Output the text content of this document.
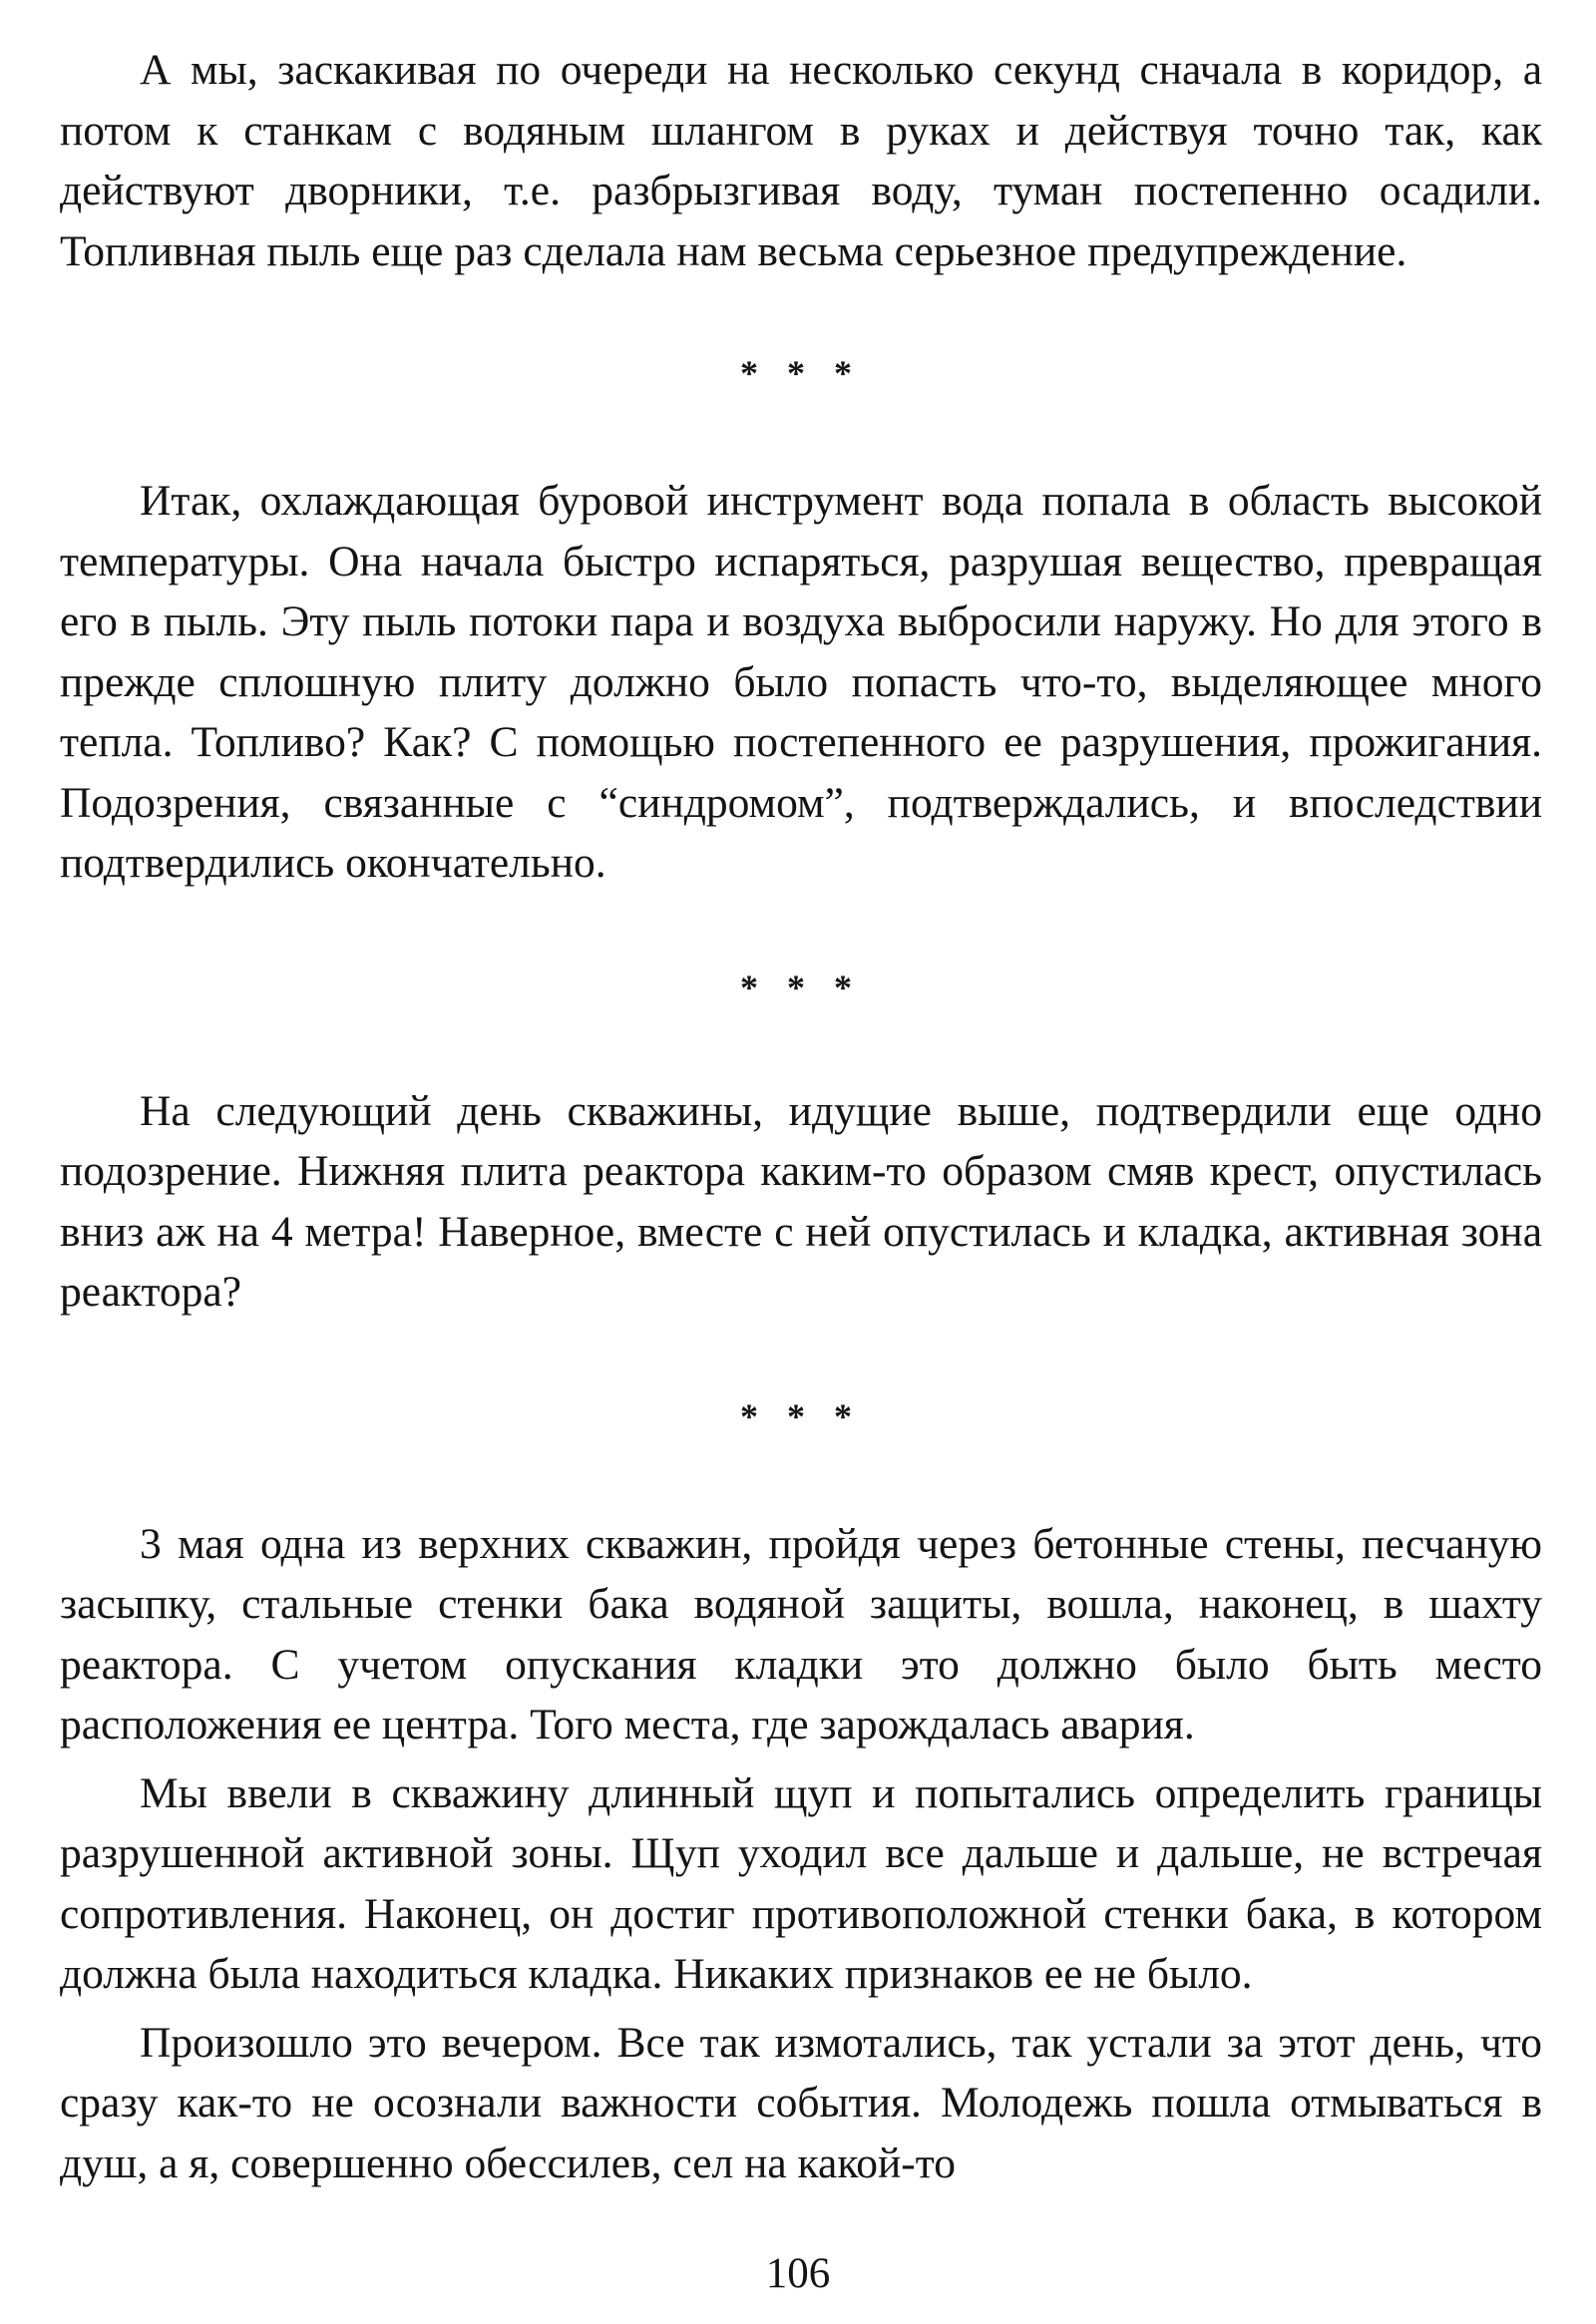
А мы, заскакивая по очереди на несколько секунд сначала в коридор, а потом к станкам с водяным шлангом в руках и действуя точно так, как действуют дворники, т.е. разбрызгивая воду, туман постепенно осадили. Топливная пыль еще раз сделала нам весьма серьезное предупреждение.

* * *

Итак, охлаждающая буровой инструмент вода попала в область высокой температуры. Она начала быстро испаряться, разрушая вещество, превращая его в пыль. Эту пыль потоки пара и воздуха выбросили наружу. Но для этого в прежде сплошную плиту должно было попасть что-то, выделяющее много тепла. Топливо? Как? С помощью постепенного ее разрушения, прожигания. Подозрения, связанные с “синдромом”, подтверждались, и впоследствии подтвердились окончательно.

* * *

На следующий день скважины, идущие выше, подтвердили еще одно подозрение. Нижняя плита реактора каким-то образом смяв крест, опустилась вниз аж на 4 метра! Наверное, вместе с ней опустилась и кладка, активная зона реактора?

* * *

3 мая одна из верхних скважин, пройдя через бетонные стены, песчаную засыпку, стальные стенки бака водяной защиты, вошла, наконец, в шахту реактора. С учетом опускания кладки это должно было быть место расположения ее центра. Того места, где зарождалась авария.

Мы ввели в скважину длинный щуп и попытались определить границы разрушенной активной зоны. Щуп уходил все дальше и дальше, не встречая сопротивления. Наконец, он достиг противоположной стенки бака, в котором должна была находиться кладка. Никаких признаков ее не было.

Произошло это вечером. Все так измотались, так устали за этот день, что сразу как-то не осознали важности события. Молодежь пошла отмываться в душ, а я, совершенно обессилев, сел на какой-то

106
